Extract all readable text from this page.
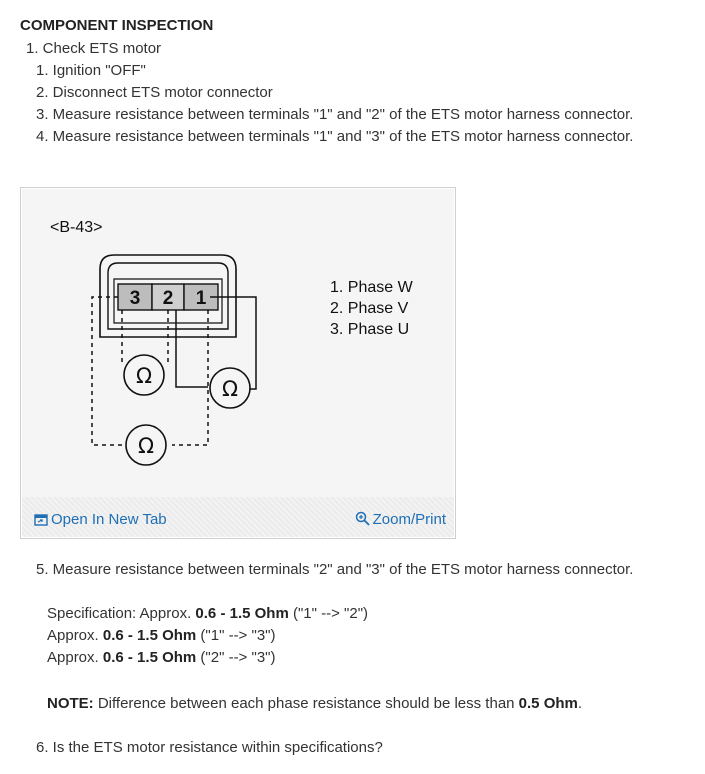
COMPONENT INSPECTION
1. Check ETS motor
1. Ignition "OFF"
2. Disconnect ETS motor connector
3. Measure resistance between terminals "1" and "2" of the ETS motor harness connector.
4. Measure resistance between terminals "1" and "3" of the ETS motor harness connector.
<B-43>
3 2 1
Ω
Ω
Ω
1. Phase W
2. Phase V
3. Phase U
Open In New Tab	Zoom/Print
5. Measure resistance between terminals "2" and "3" of the ETS motor harness connector.
Specification: Approx. 0.6 - 1.5 Ohm ("1" --> "2")
Approx. 0.6 - 1.5 Ohm ("1" --> "3")
Approx. 0.6 - 1.5 Ohm ("2" --> "3")
NOTE: Difference between each phase resistance should be less than 0.5 Ohm.
6. Is the ETS motor resistance within specifications?
